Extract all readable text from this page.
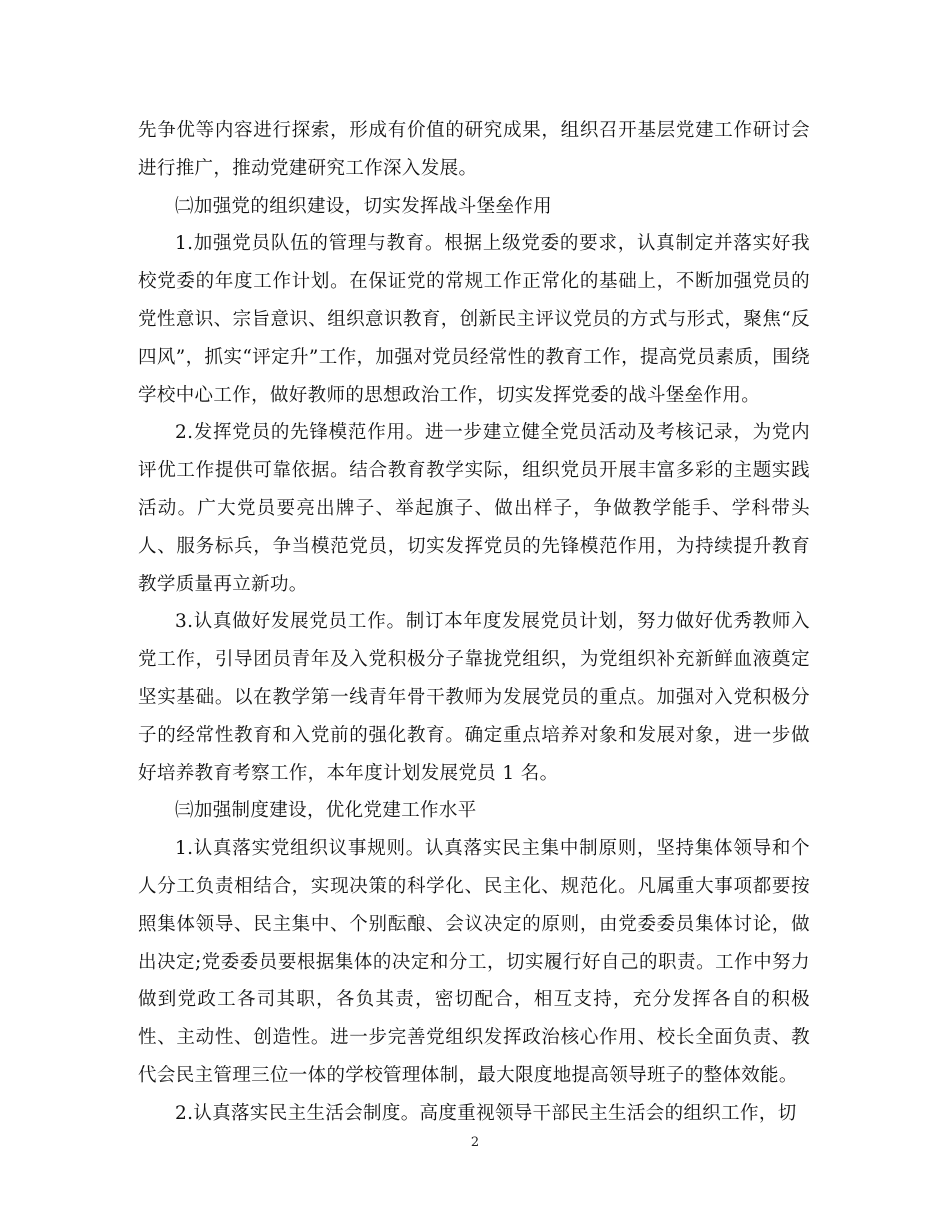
先争优等内容进行探索，形成有价值的研究成果，组织召开基层党建工作研讨会进行推广，推动党建研究工作深入发展。

㈡加强党的组织建设，切实发挥战斗堡垒作用

1.加强党员队伍的管理与教育。根据上级党委的要求，认真制定并落实好我校党委的年度工作计划。在保证党的常规工作正常化的基础上，不断加强党员的党性意识、宗旨意识、组织意识教育，创新民主评议党员的方式与形式，聚焦“反四风”，抓实“评定升”工作，加强对党员经常性的教育工作，提高党员素质，围绕学校中心工作，做好教师的思想政治工作，切实发挥党委的战斗堡垒作用。

2.发挥党员的先锋模范作用。进一步建立健全党员活动及考核记录，为党内评优工作提供可靠依据。结合教育教学实际，组织党员开展丰富多彩的主题实践活动。广大党员要亮出牌子、举起旗子、做出样子，争做教学能手、学科带头人、服务标兵，争当模范党员，切实发挥党员的先锋模范作用，为持续提升教育教学质量再立新功。

3.认真做好发展党员工作。制订本年度发展党员计划，努力做好优秀教师入党工作，引导团员青年及入党积极分子靠拢党组织，为党组织补充新鲜血液奠定坚实基础。以在教学第一线青年骨干教师为发展党员的重点。加强对入党积极分子的经常性教育和入党前的强化教育。确定重点培养对象和发展对象，进一步做好培养教育考察工作，本年度计划发展党员 1 名。

㈢加强制度建设，优化党建工作水平

1.认真落实党组织议事规则。认真落实民主集中制原则，坚持集体领导和个人分工负责相结合，实现决策的科学化、民主化、规范化。凡属重大事项都要按照集体领导、民主集中、个别酝酿、会议决定的原则，由党委委员集体讨论，做出决定;党委委员要根据集体的决定和分工，切实履行好自己的职责。工作中努力做到党政工各司其职，各负其责，密切配合，相互支持，充分发挥各自的积极性、主动性、创造性。进一步完善党组织发挥政治核心作用、校长全面负责、教代会民主管理三位一体的学校管理体制，最大限度地提高领导班子的整体效能。

2.认真落实民主生活会制度。高度重视领导干部民主生活会的组织工作，切

2
